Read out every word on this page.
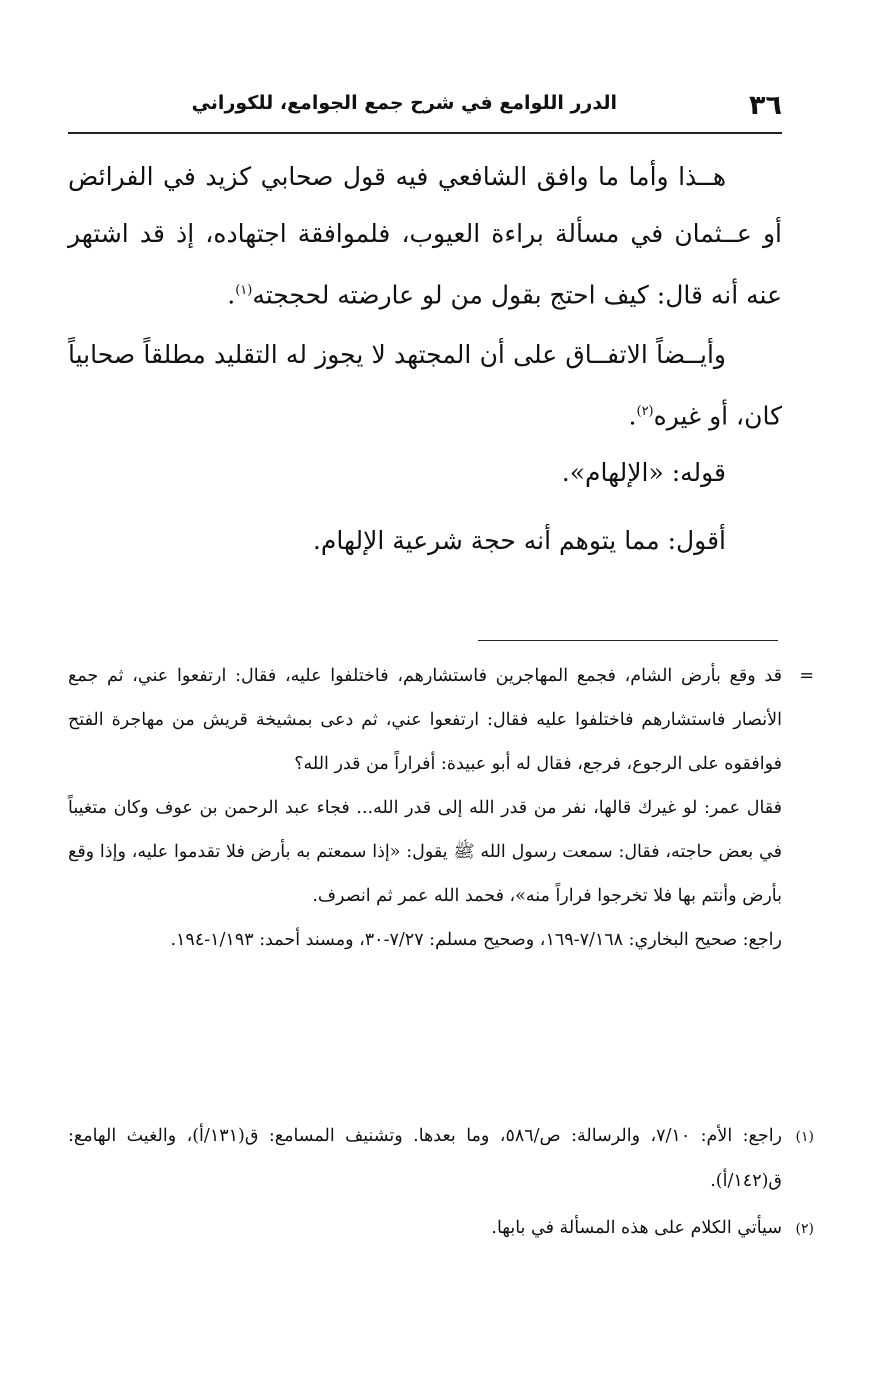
٣٦
الدرر اللوامع في شرح جمع الجوامع، للكوراني

هــذا وأما ما وافق الشافعي فيه قول صحابي كزيد في الفرائض أو عــثمان في مسألة براءة العيوب، فلموافقة اجتهاده، إذ قد اشتهر عنه أنه قال: كيف احتج بقول من لو عارضته لحججته$^{(١)}$.

وأيــضاً الاتفــاق على أن المجتهد لا يجوز له التقليد مطلقاً صحابياً كان، أو غيره$^{(٢)}$.

قوله: «الإلهام».

أقول: مما يتوهم أنه حجة شرعية الإلهام.

=قد وقع بأرض الشام، فجمع المهاجرين فاستشارهم، فاختلفوا عليه، فقال: ارتفعوا عني، ثم جمع الأنصار فاستشارهم فاختلفوا عليه فقال: ارتفعوا عني، ثم دعى بمشيخة قريش من مهاجرة الفتح فوافقوه على الرجوع، فرجع، فقال له أبو عبيدة: أفراراً من قدر الله؟

فقال عمر: لو غيرك قالها، نفر من قدر الله إلى قدر الله... فجاء عبد الرحمن بن عوف وكان متغيباً في بعض حاجته، فقال: سمعت رسول الله ﷺ يقول: «إذا سمعتم به بأرض فلا تقدموا عليه، وإذا وقع بأرض وأنتم بها فلا تخرجوا فراراً منه»، فحمد الله عمر ثم انصرف.

راجع: صحيح البخاري: ٧/١٦٨-١٦٩، وصحيح مسلم: ٧/٢٧-٣٠، ومسند أحمد: ١/١٩٣-١٩٤.

(١)راجع: الأم: ٧/١٠، والرسالة: ص/٥٨٦، وما بعدها. وتشنيف المسامع: ق(١٣١/أ)، والغيث الهامع: ق(١٤٢/أ).

(٢)سيأتي الكلام على هذه المسألة في بابها.
